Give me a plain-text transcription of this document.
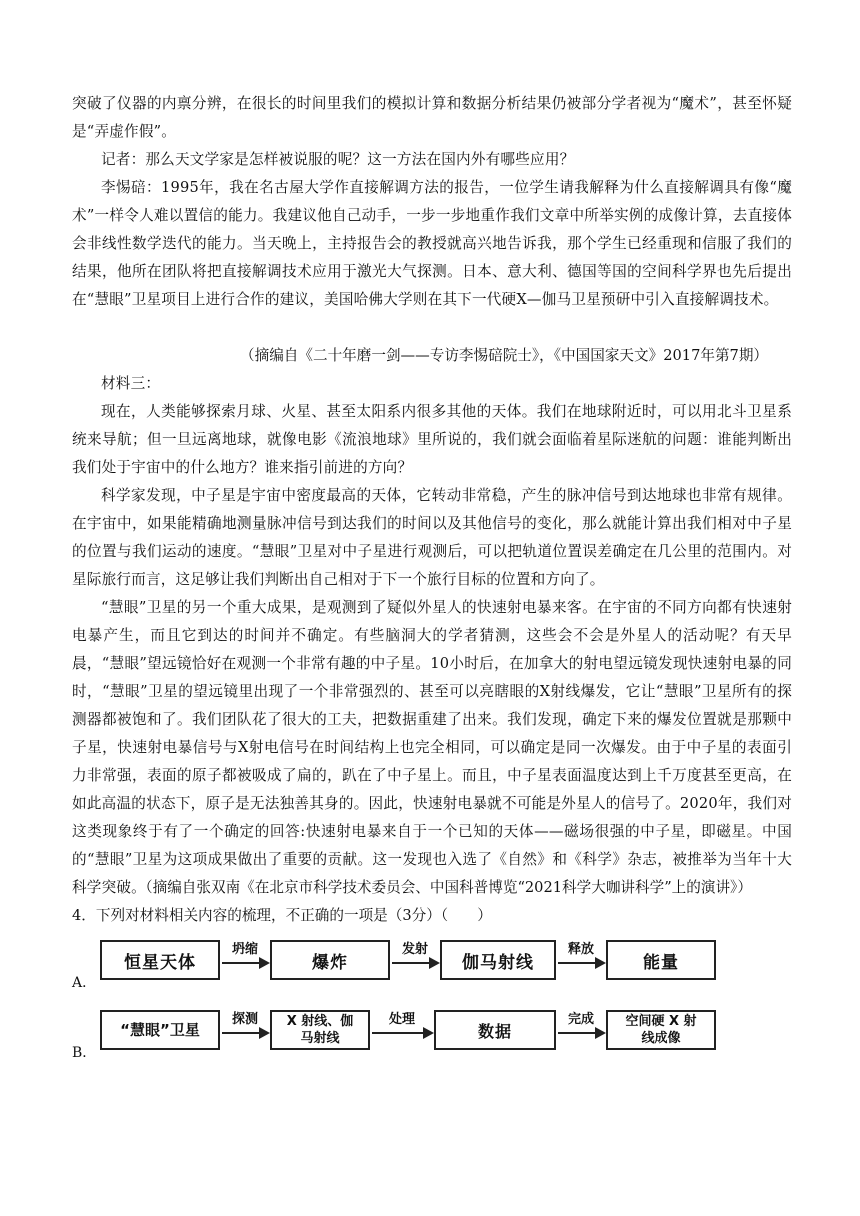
突破了仪器的内禀分辨，在很长的时间里我们的模拟计算和数据分析结果仍被部分学者视为“魔术”，甚至怀疑是“弄虚作假”。

记者：那么天文学家是怎样被说服的呢？这一方法在国内外有哪些应用？

李惕碚：1995年，我在名古屋大学作直接解调方法的报告，一位学生请我解释为什么直接解调具有像“魔术”一样令人难以置信的能力。我建议他自己动手，一步一步地重作我们文章中所举实例的成像计算，去直接体会非线性数学迭代的能力。当天晚上，主持报告会的教授就高兴地告诉我，那个学生已经重现和信服了我们的结果，他所在团队将把直接解调技术应用于激光大气探测。日本、意大利、德国等国的空间科学界也先后提出在“慧眼”卫星项目上进行合作的建议，美国哈佛大学则在其下一代硬X—伽马卫星预研中引入直接解调技术。

（摘编自《二十年磨一剑——专访李惕碚院士》，《中国国家天文》2017年第7期）

材料三：

现在，人类能够探索月球、火星、甚至太阳系内很多其他的天体。我们在地球附近时，可以用北斗卫星系统来导航；但一旦远离地球，就像电影《流浪地球》里所说的，我们就会面临着星际迷航的问题：谁能判断出我们处于宇宙中的什么地方？谁来指引前进的方向？

科学家发现，中子星是宇宙中密度最高的天体，它转动非常稳，产生的脉冲信号到达地球也非常有规律。在宇宙中，如果能精确地测量脉冲信号到达我们的时间以及其他信号的变化，那么就能计算出我们相对中子星的位置与我们运动的速度。“慧眼”卫星对中子星进行观测后，可以把轨道位置误差确定在几公里的范围内。对星际旅行而言，这足够让我们判断出自己相对于下一个旅行目标的位置和方向了。

“慧眼”卫星的另一个重大成果，是观测到了疑似外星人的快速射电暴来客。在宇宙的不同方向都有快速射电暴产生，而且它到达的时间并不确定。有些脑洞大的学者猜测，这些会不会是外星人的活动呢？有天早晨，“慧眼”望远镜恰好在观测一个非常有趣的中子星。10小时后，在加拿大的射电望远镜发现快速射电暴的同时，“慧眼”卫星的望远镜里出现了一个非常强烈的、甚至可以亮瞎眼的X射线爆发，它让“慧眼”卫星所有的探测器都被饱和了。我们团队花了很大的工夫，把数据重建了出来。我们发现，确定下来的爆发位置就是那颗中子星，快速射电暴信号与X射电信号在时间结构上也完全相同，可以确定是同一次爆发。由于中子星的表面引力非常强，表面的原子都被吸成了扁的，趴在了中子星上。而且，中子星表面温度达到上千万度甚至更高，在如此高温的状态下，原子是无法独善其身的。因此，快速射电暴就不可能是外星人的信号了。2020年，我们对这类现象终于有了一个确定的回答:快速射电暴来自于一个已知的天体——磁场很强的中子星，即磁星。中国的“慧眼”卫星为这项成果做出了重要的贡献。这一发现也入选了《自然》和《科学》杂志，被推举为当年十大科学突破。

（摘编自张双南《在北京市科学技术委员会、中国科普博览“2021科学大咖讲科学”上的演讲》）

4．下列对材料相关内容的梳理，不正确的一项是（3分）（　　）

A．
恒星天体
坍缩
爆炸
发射
伽马射线
释放
能量
B．
“慧眼”卫星
探测	X 射线、伽马射线
处理
数据
完成	空间硬 X 射线成像
